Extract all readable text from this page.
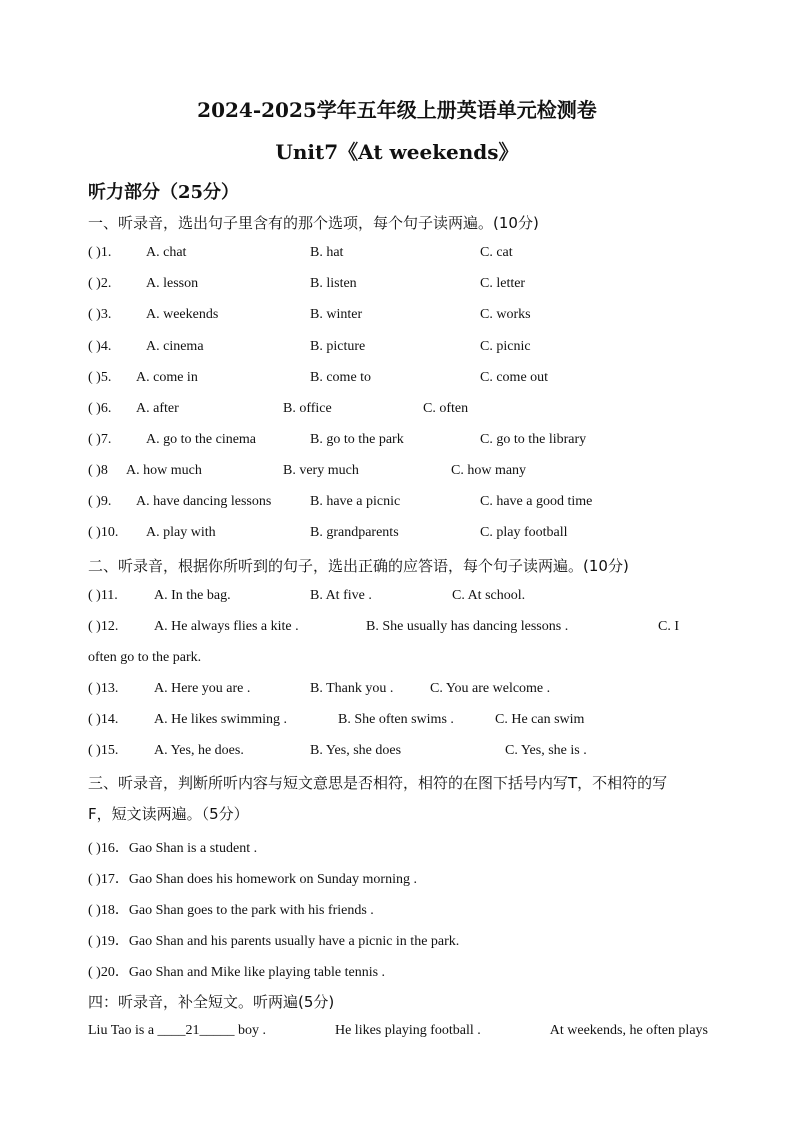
2024-2025学年五年级上册英语单元检测卷
Unit7《At weekends》
听力部分（25分）
一、听录音，选出句子里含有的那个选项，每个句子读两遍。(10分)
( )1. A. chat	B. hat	C. cat
( )2. A. lesson	B. listen	C. letter
( )3. A. weekends	B. winter	C. works
( )4. A. cinema	B. picture	C. picnic
( )5. A. come in	B. come to	C. come out
( )6. A. after	B. office	C. often
( )7. A. go to the cinema	B. go to the park	C. go to the library
( )8 A. how much	B. very much	C. how many
( )9. A. have dancing lessons	B. have a picnic	C. have a good time
( )10. A. play with	B. grandparents	C. play football
二、听录音，根据你所听到的句子，选出正确的应答语，每个句子读两遍。(10分)
( )11.	A. In the bag.	B. At five .	C. At school.
( )12.	A. He always flies a kite .	B. She usually has dancing lessons .	C. I
often go to the park.
( )13.	A. Here you are .	B. Thank you .	C. You are welcome .
( )14.	A. He likes swimming .	B. She often swims .	C. He can swim
( )15.	A. Yes, he does.	B. Yes, she does	C. Yes, she is .
三、听录音，判断所听内容与短文意思是否相符，相符的在图下括号内写T，不相符的写
F，短文读两遍。（5分）
( )16．Gao Shan is a student .
( )17．Gao Shan does his homework on Sunday morning .
( )18．Gao Shan goes to the park with his friends .
( )19．Gao Shan and his parents usually have a picnic in the park.
( )20．Gao Shan and Mike like playing table tennis .
四：听录音，补全短文。听两遍(5分)
Liu Tao is a ____21_____ boy .	He likes playing football .	At weekends, he often plays
